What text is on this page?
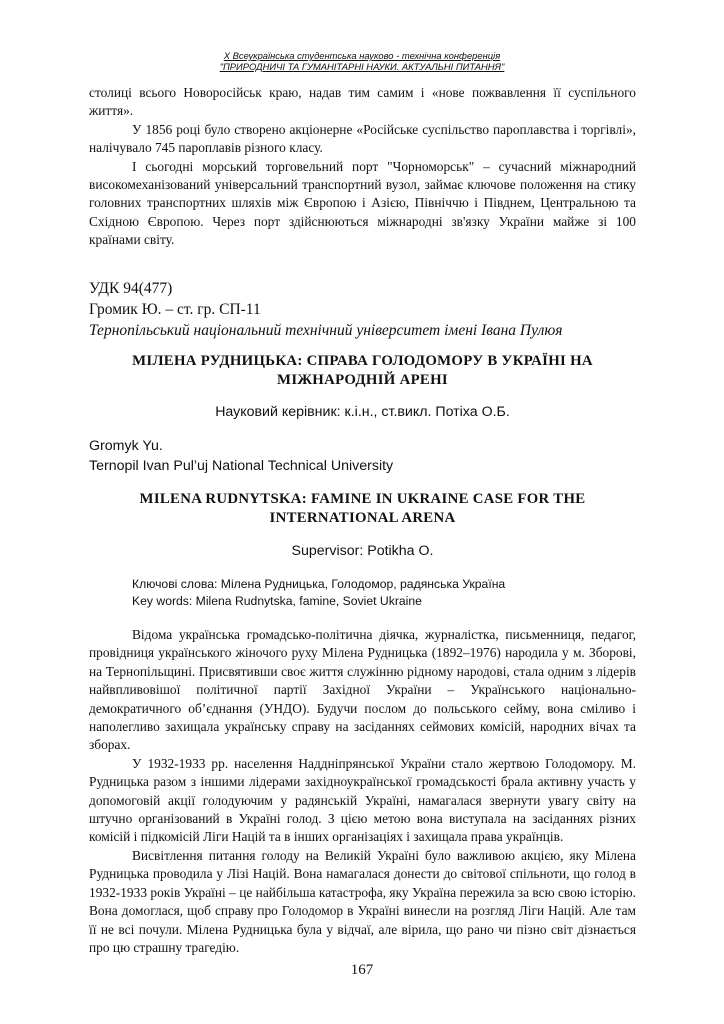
X Всеукраїнська студентська науково - технічна конференція
"ПРИРОДНИЧІ ТА ГУМАНІТАРНІ НАУКИ. АКТУАЛЬНІ ПИТАННЯ"

столиці всього Новоросійськ краю, надав тим самим і «нове пожвавлення її суспільного життя».

У 1856 році було створено акціонерне «Російське суспільство пароплавства і торгівлі», налічувало 745 пароплавів різного класу.

І сьогодні морський торговельний порт "Чорноморськ" – сучасний міжнародний високомеханізований універсальний транспортний вузол, займає ключове положення на стику головних транспортних шляхів між Європою і Азією, Північчю і Півднем, Центральною та Східною Європою. Через порт здійснюються міжнародні зв'язку України майже зі 100 країнами світу.

УДК 94(477)
Громик Ю. – ст. гр. СП-11
Тернопільський національний технічний університет імені Івана Пулюя
МІЛЕНА РУДНИЦЬКА: СПРАВА ГОЛОДОМОРУ В УКРАЇНІ НА
МІЖНАРОДНІЙ АРЕНІ
Науковий керівник: к.і.н., ст.викл. Потіха О.Б.
Gromyk Yu.
Ternopil Ivan Pul’uj National Technical University
MILENA RUDNYTSKA: FAMINE IN UKRAINE CASE FOR THE
INTERNATIONAL ARENA
Supervisor: Potikha O.
Ключові слова: Мілена Рудницька, Голодомор, радянська Україна
Key words: Milena Rudnytska, famine, Soviet Ukraine

Відома українська громадсько-політична діячка, журналістка, письменниця, педагог, провідниця українського жіночого руху Мілена Рудницька (1892–1976) народила у м. Зборові, на Тернопільщині. Присвятивши своє життя служінню рідному народові, стала одним з лідерів найвпливовішої політичної партії Західної України – Українського національно-демократичного об’єднання (УНДО). Будучи послом до польського сейму, вона сміливо і наполегливо захищала українську справу на засіданнях сеймових комісій, народних вічах та зборах.

У 1932-1933 рр. населення Наддніпрянської України стало жертвою Голодомору. М. Рудницька разом з іншими лідерами західноукраїнської громадськості брала активну участь у допомоговій акції голодуючим у радянській Україні, намагалася звернути увагу світу на штучно організований в Україні голод. З цією метою вона виступала на засіданнях різних комісій і підкомісій Ліги Націй та в інших організаціях і захищала права українців.

Висвітлення питання голоду на Великій Україні було важливою акцією, яку Мілена Рудницька проводила у Лізі Націй. Вона намагалася донести до світової спільноти, що голод в 1932-1933 років Україні – це найбільша катастрофа, яку Україна пережила за всю свою історію. Вона домоглася, щоб справу про Голодомор в Україні винесли на розгляд Ліги Націй. Але там її не всі почули. Мілена Рудницька була у відчаї, але вірила, що рано чи пізно світ дізнається про цю страшну трагедію.

167
